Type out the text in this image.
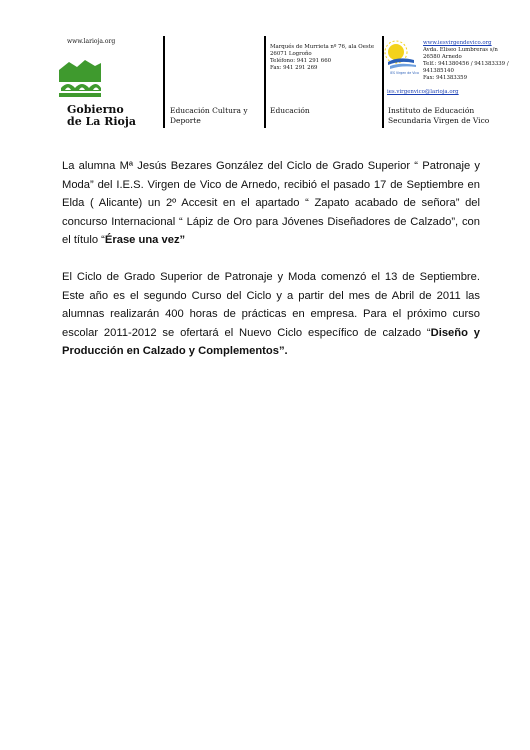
www.larioja.org
Gobierno
de La Rioja
Educación Cultura y Deporte
Marqués de Murrieta nº 76, ala Oeste
26071 Logroño
Teléfono: 941 291 660
Fax: 941 291 269
Educación
IES Virgen de Vico
www.iesvirgendevico.org
Avda. Eliseo Lumbreras s/n
26580 Arnedo
Telf.: 941380456 / 941383339 / 941385140
Fax: 941383359
ies.virgenvico@larioja.org
Instituto de Educación
Secundaria Virgen de Vico
La alumna Mª Jesús Bezares González del Ciclo de Grado Superior “ Patronaje y Moda” del I.E.S. Virgen de Vico de Arnedo, recibió el pasado 17 de Septiembre en Elda ( Alicante) un 2º Accesit en el apartado “ Zapato acabado de señora” del concurso Internacional “ Lápiz de Oro para Jóvenes Diseñadores de Calzado”, con el título “Érase una vez”
El Ciclo de Grado Superior de Patronaje y Moda comenzó el 13 de Septiembre. Este año es el segundo Curso del Ciclo y a partir del mes de Abril de 2011 las alumnas realizarán 400 horas de prácticas en empresa. Para el próximo curso escolar 2011-2012 se ofertará el Nuevo Ciclo específico de calzado “Diseño y Producción en Calzado y Complementos”.
